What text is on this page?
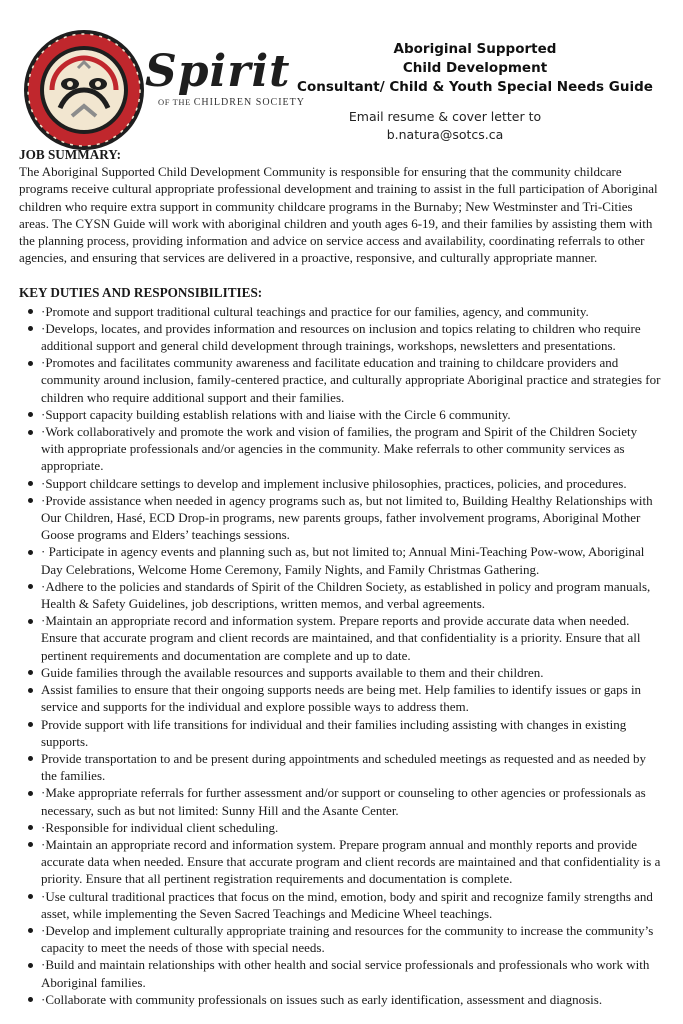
Spirit
OF THE CHILDREN SOCIETY
Aboriginal Supported
Child Development
Consultant/ Child & Youth Special Needs Guide
Email resume & cover letter to
b.natura@sotcs.ca
JOB SUMMARY:

The Aboriginal Supported Child Development Community is responsible for ensuring that the community childcare programs receive cultural appropriate professional development and training to assist in the full participation of Aboriginal children who require extra support in community childcare programs in the Burnaby; New Westminster and Tri-Cities areas. The CYSN Guide will work with aboriginal children and youth ages 6-19, and their families by assisting them with the planning process, providing information and advice on service access and availability, coordinating referrals to other agencies, and ensuring that services are delivered in a proactive, responsive, and culturally appropriate manner.

KEY DUTIES AND RESPONSIBILITIES:
·Promote and support traditional cultural teachings and practice for our families, agency, and community.
·Develops, locates, and provides information and resources on inclusion and topics relating to children who require additional support and general child development through trainings, workshops, newsletters and presentations.
·Promotes and facilitates community awareness and facilitate education and training to childcare providers and community around inclusion, family-centered practice, and culturally appropriate Aboriginal practice and strategies for children who require additional support and their families.
·Support capacity building establish relations with and liaise with the Circle 6 community.
·Work collaboratively and promote the work and vision of families, the program and Spirit of the Children Society with appropriate professionals and/or agencies in the community. Make referrals to other community services as appropriate.
·Support childcare settings to develop and implement inclusive philosophies, practices, policies, and procedures.
·Provide assistance when needed in agency programs such as, but not limited to, Building Healthy Relationships with Our Children, Hasé, ECD Drop-in programs, new parents groups, father involvement programs, Aboriginal Mother Goose programs and Elders’ teachings sessions.
· Participate in agency events and planning such as, but not limited to; Annual Mini-Teaching Pow-wow, Aboriginal Day Celebrations, Welcome Home Ceremony, Family Nights, and Family Christmas Gathering.
·Adhere to the policies and standards of Spirit of the Children Society, as established in policy and program manuals, Health & Safety Guidelines, job descriptions, written memos, and verbal agreements.
·Maintain an appropriate record and information system. Prepare reports and provide accurate data when needed. Ensure that accurate program and client records are maintained, and that confidentiality is a priority. Ensure that all pertinent requirements and documentation are complete and up to date.
Guide families through the available resources and supports available to them and their children.
Assist families to ensure that their ongoing supports needs are being met. Help families to identify issues or gaps in service and supports for the individual and explore possible ways to address them.
Provide support with life transitions for individual and their families including assisting with changes in existing supports.
Provide transportation to and be present during appointments and scheduled meetings as requested and as needed by the families.
·Make appropriate referrals for further assessment and/or support or counseling to other agencies or professionals as necessary, such as but not limited: Sunny Hill and the Asante Center.
·Responsible for individual client scheduling.
·Maintain an appropriate record and information system. Prepare program annual and monthly reports and provide accurate data when needed. Ensure that accurate program and client records are maintained and that confidentiality is a priority. Ensure that all pertinent registration requirements and documentation is complete.
·Use cultural traditional practices that focus on the mind, emotion, body and spirit and recognize family strengths and asset, while implementing the Seven Sacred Teachings and Medicine Wheel teachings.
·Develop and implement culturally appropriate training and resources for the community to increase the community’s capacity to meet the needs of those with special needs.
·Build and maintain relationships with other health and social service professionals and professionals who work with Aboriginal families.
·Collaborate with community professionals on issues such as early identification, assessment and diagnosis.
